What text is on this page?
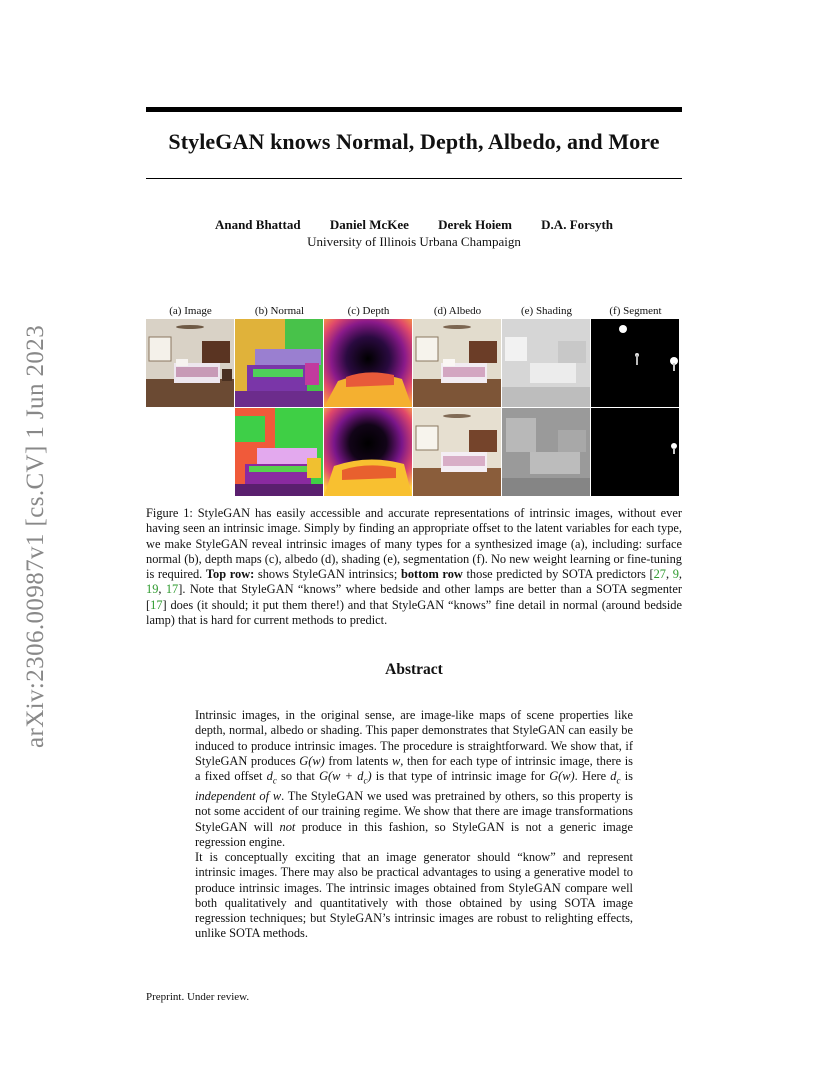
arXiv:2306.00987v1 [cs.CV] 1 Jun 2023
StyleGAN knows Normal, Depth, Albedo, and More
Anand Bhattad Daniel McKee Derek Hoiem D.A. Forsyth
University of Illinois Urbana Champaign
(a) Image	(b) Normal	(c) Depth	(d) Albedo	(e) Shading	(f) Segment
Figure 1: StyleGAN has easily accessible and accurate representations of intrinsic images, without ever having seen an intrinsic image. Simply by finding an appropriate offset to the latent variables for each type, we make StyleGAN reveal intrinsic images of many types for a synthesized image (a), including: surface normal (b), depth maps (c), albedo (d), shading (e), segmentation (f). No new weight learning or fine-tuning is required. Top row: shows StyleGAN intrinsics; bottom row those predicted by SOTA predictors [27, 9, 19, 17]. Note that StyleGAN “knows” where bedside and other lamps are better than a SOTA segmenter [17] does (it should; it put them there!) and that StyleGAN “knows” fine detail in normal (around bedside lamp) that is hard for current methods to predict.
Abstract
Intrinsic images, in the original sense, are image-like maps of scene properties like depth, normal, albedo or shading. This paper demonstrates that StyleGAN can easily be induced to produce intrinsic images. The procedure is straightforward. We show that, if StyleGAN produces G(w) from latents w, then for each type of intrinsic image, there is a fixed offset $d_c$ so that $G(w + d_c)$ is that type of intrinsic image for G(w). Here $d_c$ is independent of w. The StyleGAN we used was pretrained by others, so this property is not some accident of our training regime. We show that there are image transformations StyleGAN will not produce in this fashion, so StyleGAN is not a generic image regression engine.
It is conceptually exciting that an image generator should “know” and represent intrinsic images. There may also be practical advantages to using a generative model to produce intrinsic images. The intrinsic images obtained from StyleGAN compare well both qualitatively and quantitatively with those obtained by using SOTA image regression techniques; but StyleGAN’s intrinsic images are robust to relighting effects, unlike SOTA methods.
Preprint. Under review.
